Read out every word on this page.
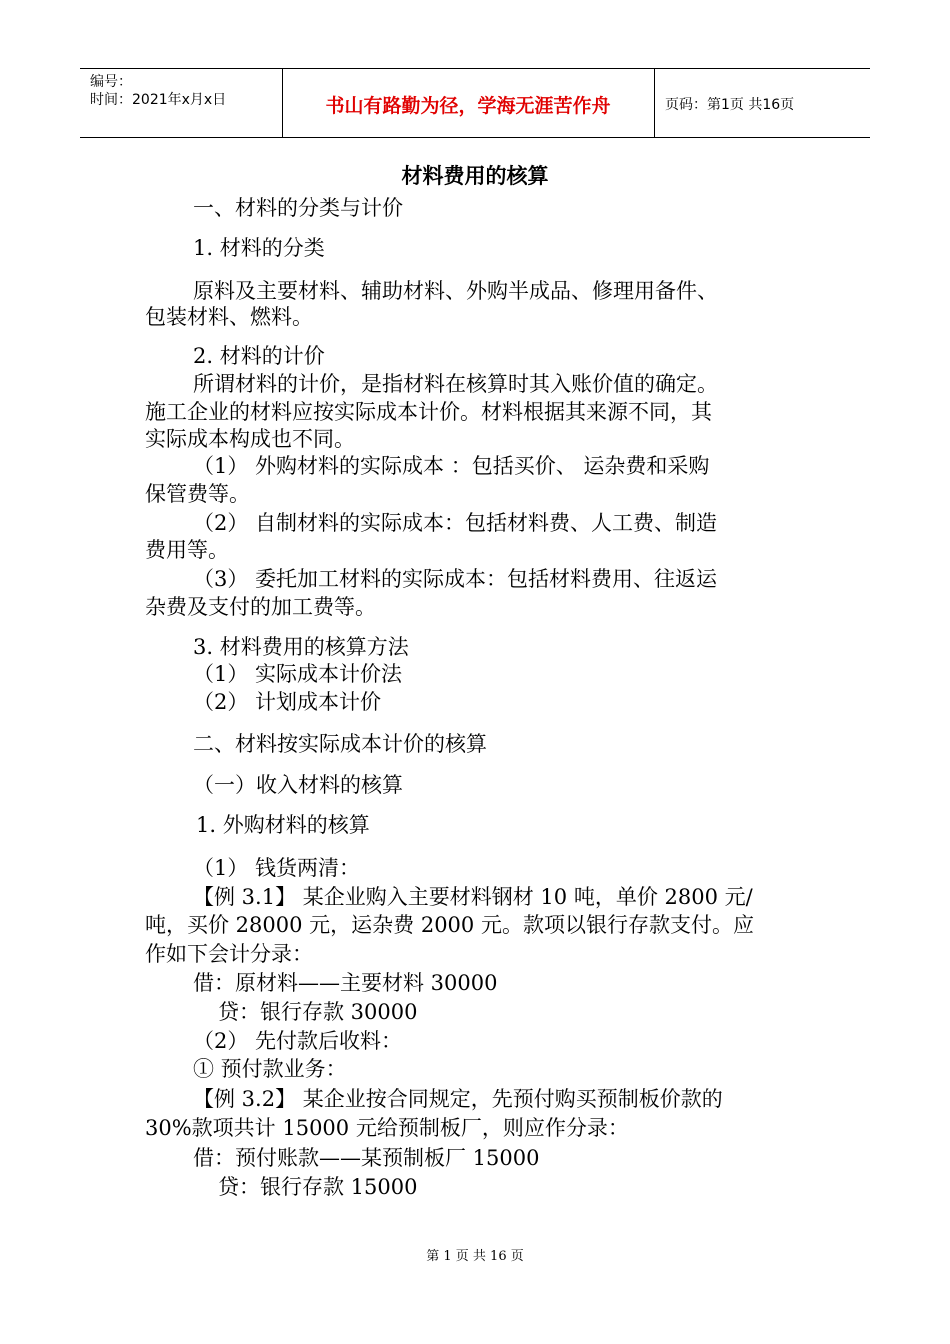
编号：
时间：2021年x月x日	书山有路勤为径，学海无涯苦作舟	页码：第1页 共16页
材料费用的核算
一、材料的分类与计价
1. 材料的分类
原料及主要材料、辅助材料、外购半成品、修理用备件、
包装材料、燃料。
2. 材料的计价
所谓材料的计价，是指材料在核算时其入账价值的确定。
施工企业的材料应按实际成本计价。材料根据其来源不同，其
实际成本构成也不同。
（1） 外购材料的实际成本 ：包括买价、 运杂费和采购
保管费等。
（2） 自制材料的实际成本：包括材料费、人工费、制造
费用等。
（3） 委托加工材料的实际成本：包括材料费用、往返运
杂费及支付的加工费等。
3. 材料费用的核算方法
（1） 实际成本计价法
（2） 计划成本计价
二、材料按实际成本计价的核算
（一）收入材料的核算
1. 外购材料的核算
（1） 钱货两清：
【例 3.1】 某企业购入主要材料钢材 10 吨，单价 2800 元/
吨，买价 28000 元，运杂费 2000 元。款项以银行存款支付。应
作如下会计分录：
借：原材料——主要材料 30000
贷：银行存款 30000
（2） 先付款后收料：
① 预付款业务：
【例 3.2】 某企业按合同规定，先预付购买预制板价款的
30%款项共计 15000 元给预制板厂，则应作分录：
借：预付账款——某预制板厂 15000
贷：银行存款 15000
第 1 页 共 16 页
